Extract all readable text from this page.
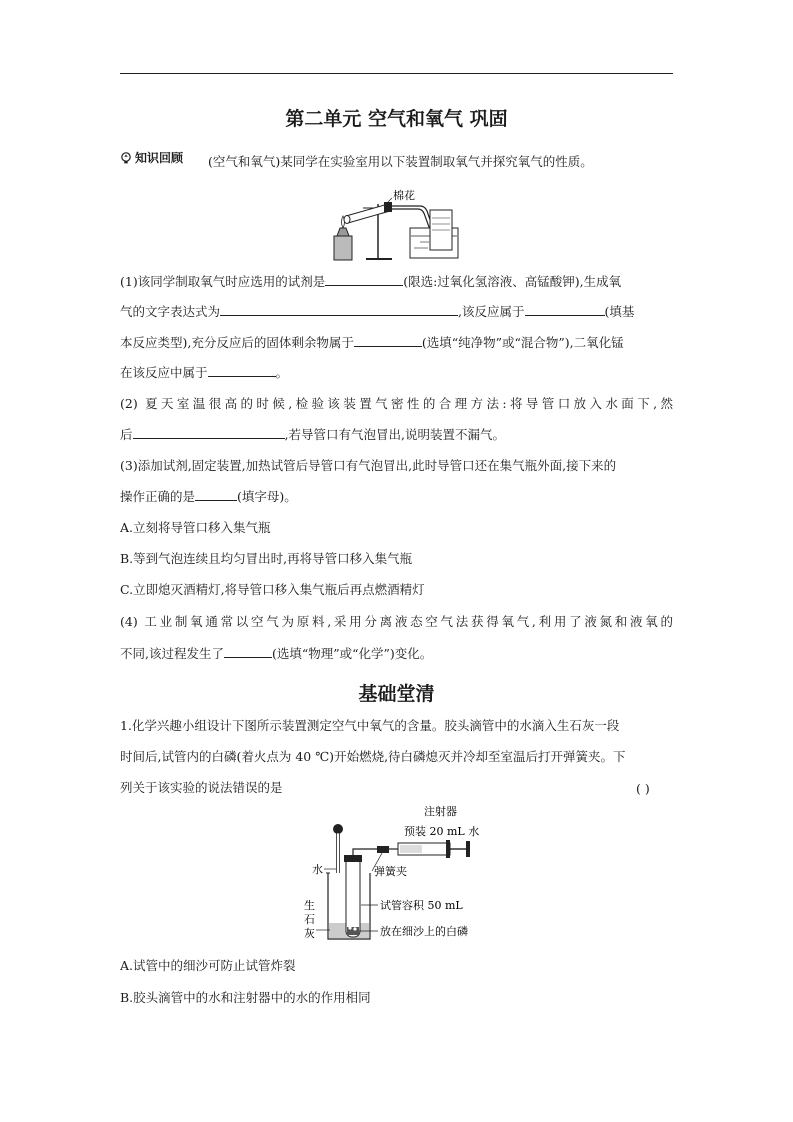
第二单元 空气和氧气 巩固
知识回顾 (空气和氧气)某同学在实验室用以下装置制取氧气并探究氧气的性质。
棉花
(1)该同学制取氧气时应选用的试剂是	(限选:过氧化氢溶液、高锰酸钾),生成氧
气的文字表达式为	,该反应属于	(填基
本反应类型),充分反应后的固体剩余物属于	(选填“纯净物”或“混合物”),二氧化锰
在该反应中属于	。
(2) 夏天室温很高的时候,检验该装置气密性的合理方法:将导管口放入水面下,然
后	,若导管口有气泡冒出,说明装置不漏气。
(3)添加试剂,固定装置,加热试管后导管口有气泡冒出,此时导管口还在集气瓶外面,接下来的
操作正确的是	(填字母)。
A.立刻将导管口移入集气瓶
B.等到气泡连续且均匀冒出时,再将导管口移入集气瓶
C.立即熄灭酒精灯,将导管口移入集气瓶后再点燃酒精灯
(4) 工业制氧通常以空气为原料,采用分离液态空气法获得氧气,利用了液氮和液氧的
不同,该过程发生了	(选填“物理”或“化学”)变化。
基础堂清
1.化学兴趣小组设计下图所示装置测定空气中氧气的含量。胶头滴管中的水滴入生石灰一段
时间后,试管内的白磷(着火点为 40 ℃)开始燃烧,待白磷熄灭并冷却至室温后打开弹簧夹。下
列关于该实验的说法错误的是	( )
注射器
预装 20 mL 水
水	弹簧夹
生
石
灰
试管容积 50 mL
放在细沙上的白磷
A.试管中的细沙可防止试管炸裂
B.胶头滴管中的水和注射器中的水的作用相同
